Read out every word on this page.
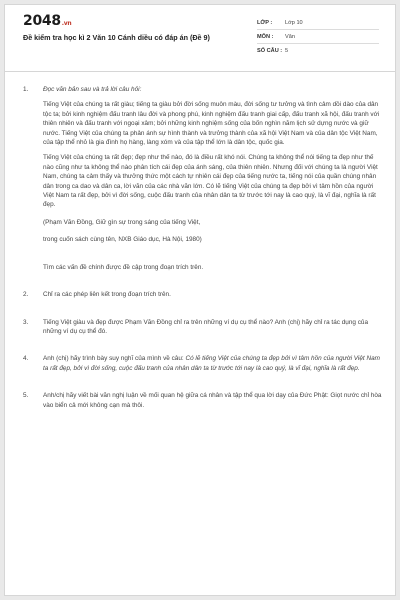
2048.vn
Đề kiểm tra học kì 2 Văn 10 Cánh diều có đáp án (Đề 9)
LỚP :	Lớp 10
MÔN :	Văn
SỐ CÂU : 5
1.	Đọc văn bản sau và trả lời câu hỏi:
Tiếng Việt của chúng ta rất giàu; tiếng ta giàu bởi đời sống muôn màu, đời sống tư tưởng và tình cảm dồi dào của dân tộc ta; bởi kinh nghiệm đấu tranh lâu đời và phong phú, kinh nghiệm đấu tranh giai cấp, đấu tranh xã hội, đấu tranh với thiên nhiên và đấu tranh với ngoại xâm; bởi những kinh nghiệm sống của bốn nghìn năm lịch sử dựng nước và giữ nước. Tiếng Việt của chúng ta phản ánh sự hình thành và trưởng thành của xã hội Việt Nam và của dân tộc Việt Nam, của tập thể nhỏ là gia đình họ hàng, làng xóm và của tập thể lớn là dân tộc, quốc gia.
Tiếng Việt của chúng ta rất đẹp; đẹp như thế nào, đó là điều rất khó nói. Chúng ta không thể nói tiếng ta đẹp như thế nào cũng như ta không thể nào phân tích cái đẹp của ánh sáng, của thiên nhiên. Nhưng đối với chúng ta là người Việt Nam, chúng ta cảm thấy và thưởng thức một cách tự nhiên cái đẹp của tiếng nước ta, tiếng nói của quần chúng nhân dân trong ca dao và dân ca, lời văn của các nhà văn lớn. Có lẽ tiếng Việt của chúng ta đẹp bởi vì tâm hồn của người Việt Nam ta rất đẹp, bởi vì đời sống, cuộc đấu tranh của nhân dân ta từ trước tới nay là cao quý, là vĩ đại, nghĩa là rất đẹp.
(Phạm Văn Đồng, Giữ gìn sự trong sáng của tiếng Việt,
trong cuốn sách cùng tên, NXB Giáo dục, Hà Nội, 1980)
Tìm các vấn đề chính được đề cập trong đoạn trích trên.
2.	Chỉ ra các phép liên kết trong đoạn trích trên.
3.	Tiếng Việt giàu và đẹp được Phạm Văn Đồng chỉ ra trên những ví dụ cụ thể nào? Anh (chị) hãy chỉ ra tác dụng của những ví dụ cụ thể đó.
4.	Anh (chị) hãy trình bày suy nghĩ của mình về câu: Có lẽ tiếng Việt của chúng ta đẹp bởi vì tâm hồn của người Việt Nam ta rất đẹp, bởi vì đời sống, cuộc đấu tranh của nhân dân ta từ trước tới nay là cao quý, là vĩ đại, nghĩa là rất đẹp.
5.	Anh/chị hãy viết bài văn nghị luận về mối quan hệ giữa cá nhân và tập thể qua lời dạy của Đức Phật: Giọt nước chỉ hòa vào biển cả mới không cạn mà thôi.
